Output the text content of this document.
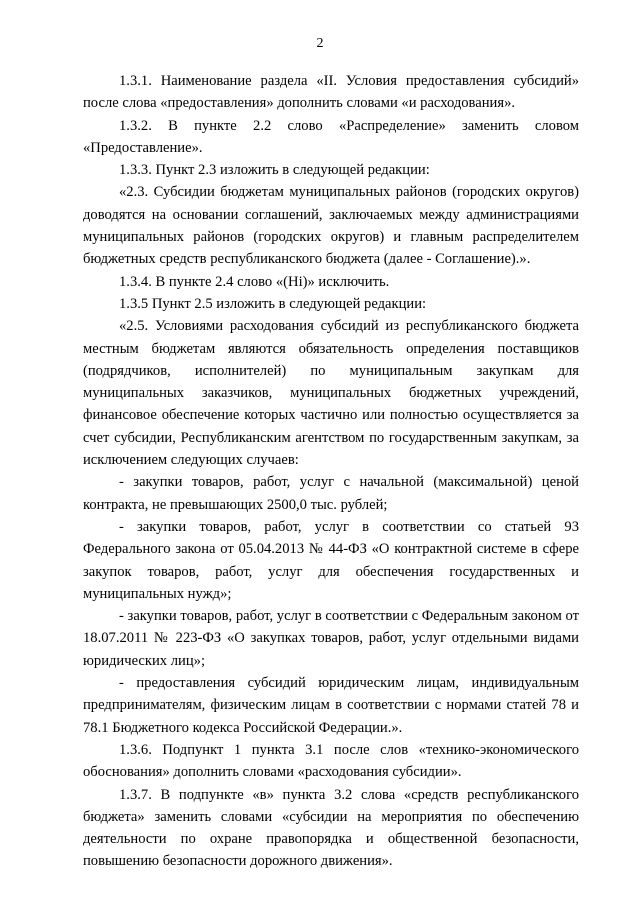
2

1.3.1. Наименование раздела «II. Условия предоставления субсидий» после слова «предоставления» дополнить словами «и расходования».

1.3.2. В пункте 2.2 слово «Распределение» заменить словом «Предоставление».

1.3.3. Пункт 2.3 изложить в следующей редакции:

«2.3. Субсидии бюджетам муниципальных районов (городских округов) доводятся на основании соглашений, заключаемых между администрациями муниципальных районов (городских округов) и главным распределителем бюджетных средств республиканского бюджета (далее - Соглашение).».

1.3.4. В пункте 2.4 слово «(Hi)» исключить.

1.3.5 Пункт 2.5 изложить в следующей редакции:

«2.5. Условиями расходования субсидий из республиканского бюджета местным бюджетам являются обязательность определения поставщиков (подрядчиков, исполнителей) по муниципальным закупкам для муниципальных заказчиков, муниципальных бюджетных учреждений, финансовое обеспечение которых частично или полностью осуществляется за счет субсидии, Республиканским агентством по государственным закупкам, за исключением следующих случаев:

- закупки товаров, работ, услуг с начальной (максимальной) ценой контракта, не превышающих 2500,0 тыс. рублей;

- закупки товаров, работ, услуг в соответствии со статьей 93 Федерального закона от 05.04.2013 № 44-ФЗ «О контрактной системе в сфере закупок товаров, работ, услуг для обеспечения государственных и муниципальных нужд»;

- закупки товаров, работ, услуг в соответствии с Федеральным законом от 18.07.2011 № 223-ФЗ «О закупках товаров, работ, услуг отдельными видами юридических лиц»;

- предоставления субсидий юридическим лицам, индивидуальным предпринимателям, физическим лицам в соответствии с нормами статей 78 и 78.1 Бюджетного кодекса Российской Федерации.».

1.3.6. Подпункт 1 пункта 3.1 после слов «технико-экономического обоснования» дополнить словами «расходования субсидии».

1.3.7. В подпункте «в» пункта 3.2 слова «средств республиканского бюджета» заменить словами «субсидии на мероприятия по обеспечению деятельности по охране правопорядка и общественной безопасности, повышению безопасности дорожного движения».
